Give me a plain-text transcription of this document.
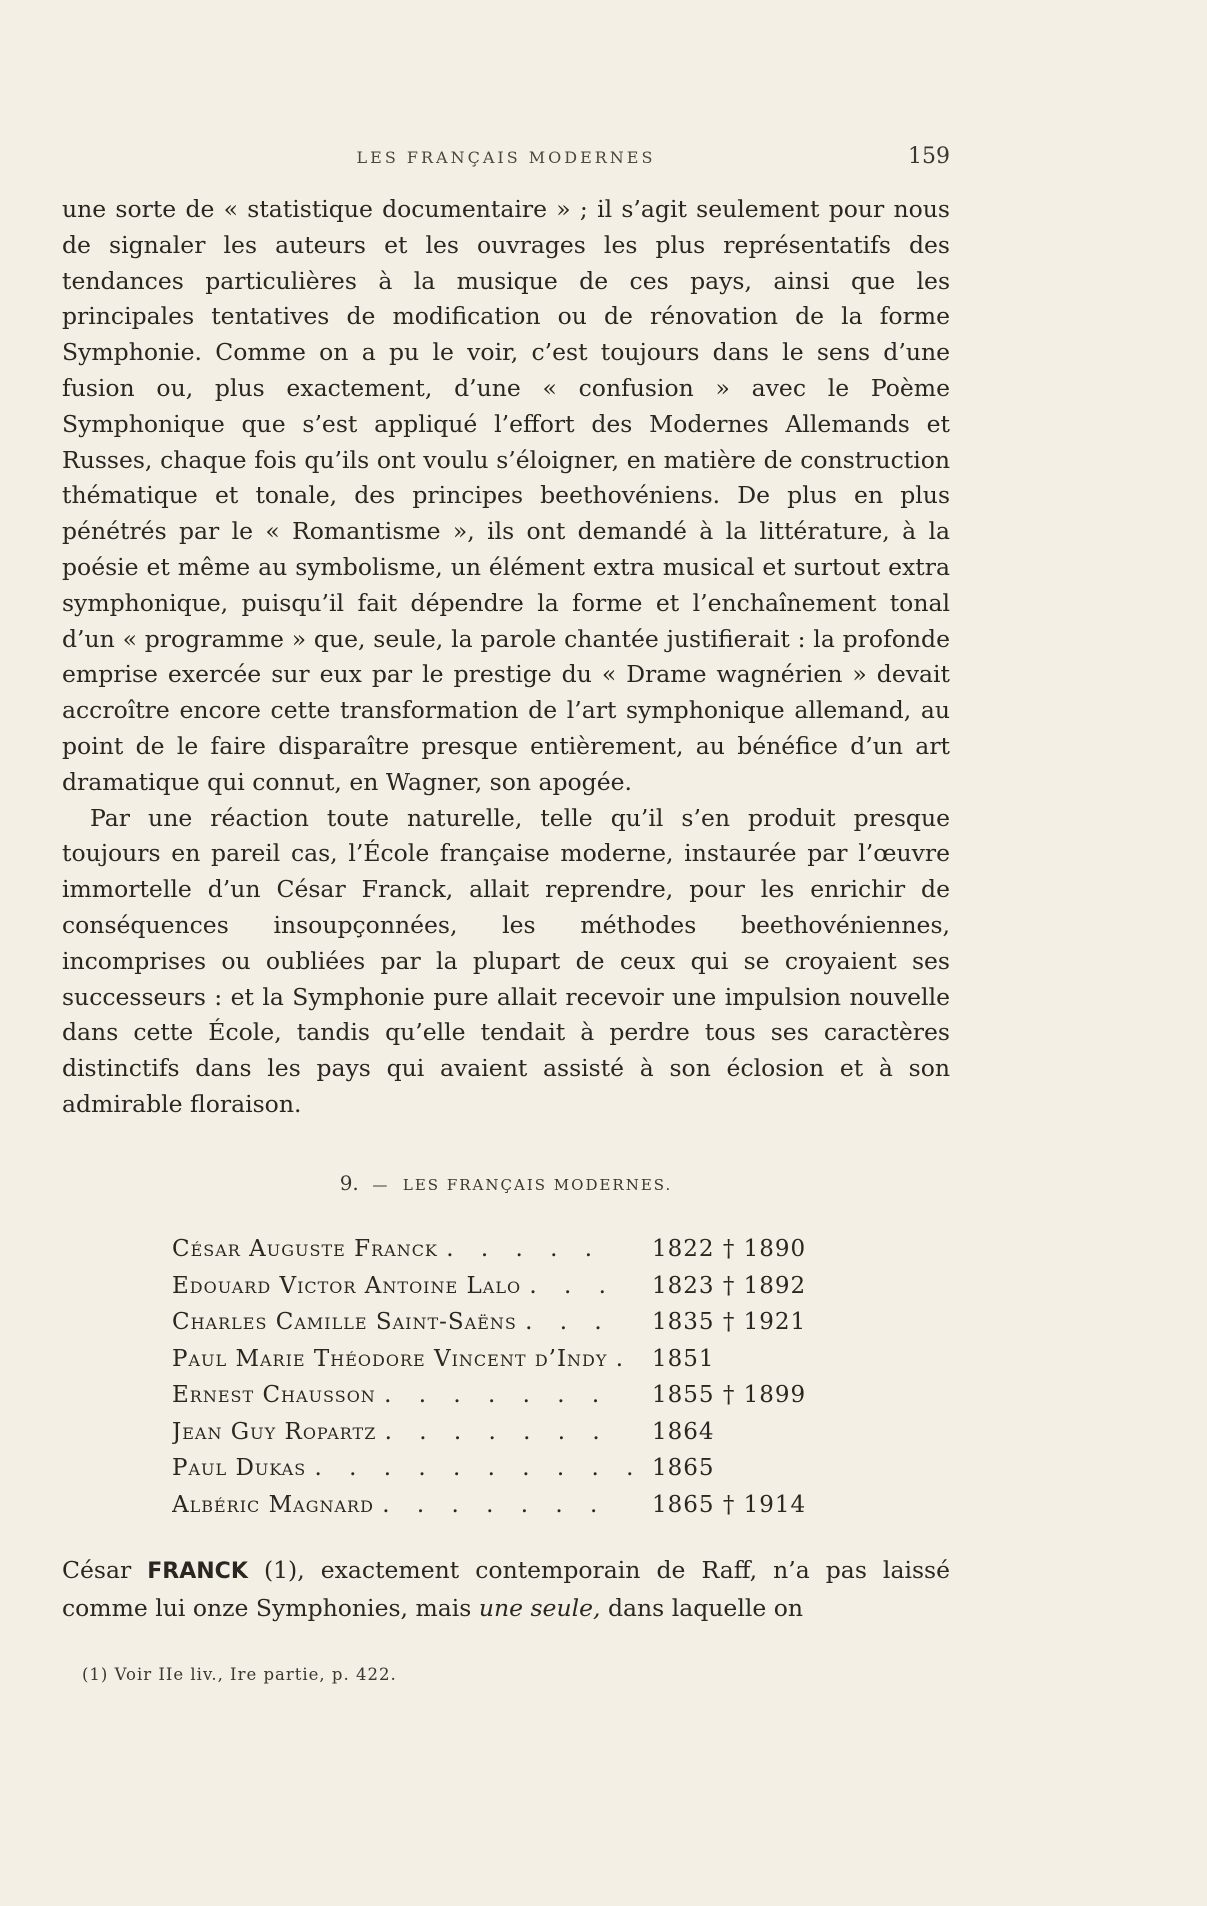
LES FRANÇAIS MODERNES	159

une sorte de « statistique documentaire » ; il s’agit seulement pour nous de signaler les auteurs et les ouvrages les plus représentatifs des tendances particulières à la musique de ces pays, ainsi que les principales tentatives de modification ou de rénovation de la forme Symphonie. Comme on a pu le voir, c’est toujours dans le sens d’une fusion ou, plus exactement, d’une « confusion » avec le Poème Symphonique que s’est appliqué l’effort des Modernes Allemands et Russes, chaque fois qu’ils ont voulu s’éloigner, en matière de construction thématique et tonale, des principes beethovéniens. De plus en plus pénétrés par le « Romantisme », ils ont demandé à la littérature, à la poésie et même au symbolisme, un élément extra musical et surtout extra symphonique, puisqu’il fait dépendre la forme et l’enchaînement tonal d’un « programme » que, seule, la parole chantée justifierait : la profonde emprise exercée sur eux par le prestige du « Drame wagnérien » devait accroître encore cette transformation de l’art symphonique allemand, au point de le faire disparaître presque entièrement, au bénéfice d’un art dramatique qui connut, en Wagner, son apogée.

Par une réaction toute naturelle, telle qu’il s’en produit presque toujours en pareil cas, l’École française moderne, instaurée par l’œuvre immortelle d’un César Franck, allait reprendre, pour les enrichir de conséquences insoupçonnées, les méthodes beethovéniennes, incomprises ou oubliées par la plupart de ceux qui se croyaient ses successeurs : et la Symphonie pure allait recevoir une impulsion nouvelle dans cette École, tandis qu’elle tendait à perdre tous ses caractères distinctifs dans les pays qui avaient assisté à son éclosion et à son admirable floraison.

9. — LES FRANÇAIS MODERNES.
César Auguste Franck . . . . .	1822 † 1890
Edouard Victor Antoine Lalo . . .	1823 † 1892
Charles Camille Saint-Saëns . . .	1835 † 1921
Paul Marie Théodore Vincent d’Indy . 1851
Ernest Chausson . . . . . . .	1855 † 1899
Jean Guy Ropartz . . . . . . .	1864
Paul Dukas . . . . . . . . . . 1865
Albéric Magnard . . . . . . .	1865 † 1914

César FRANCK (1), exactement contemporain de Raff, n’a pas laissé comme lui onze Symphonies, mais une seule, dans laquelle on

(1) Voir IIe liv., Ire partie, p. 422.
